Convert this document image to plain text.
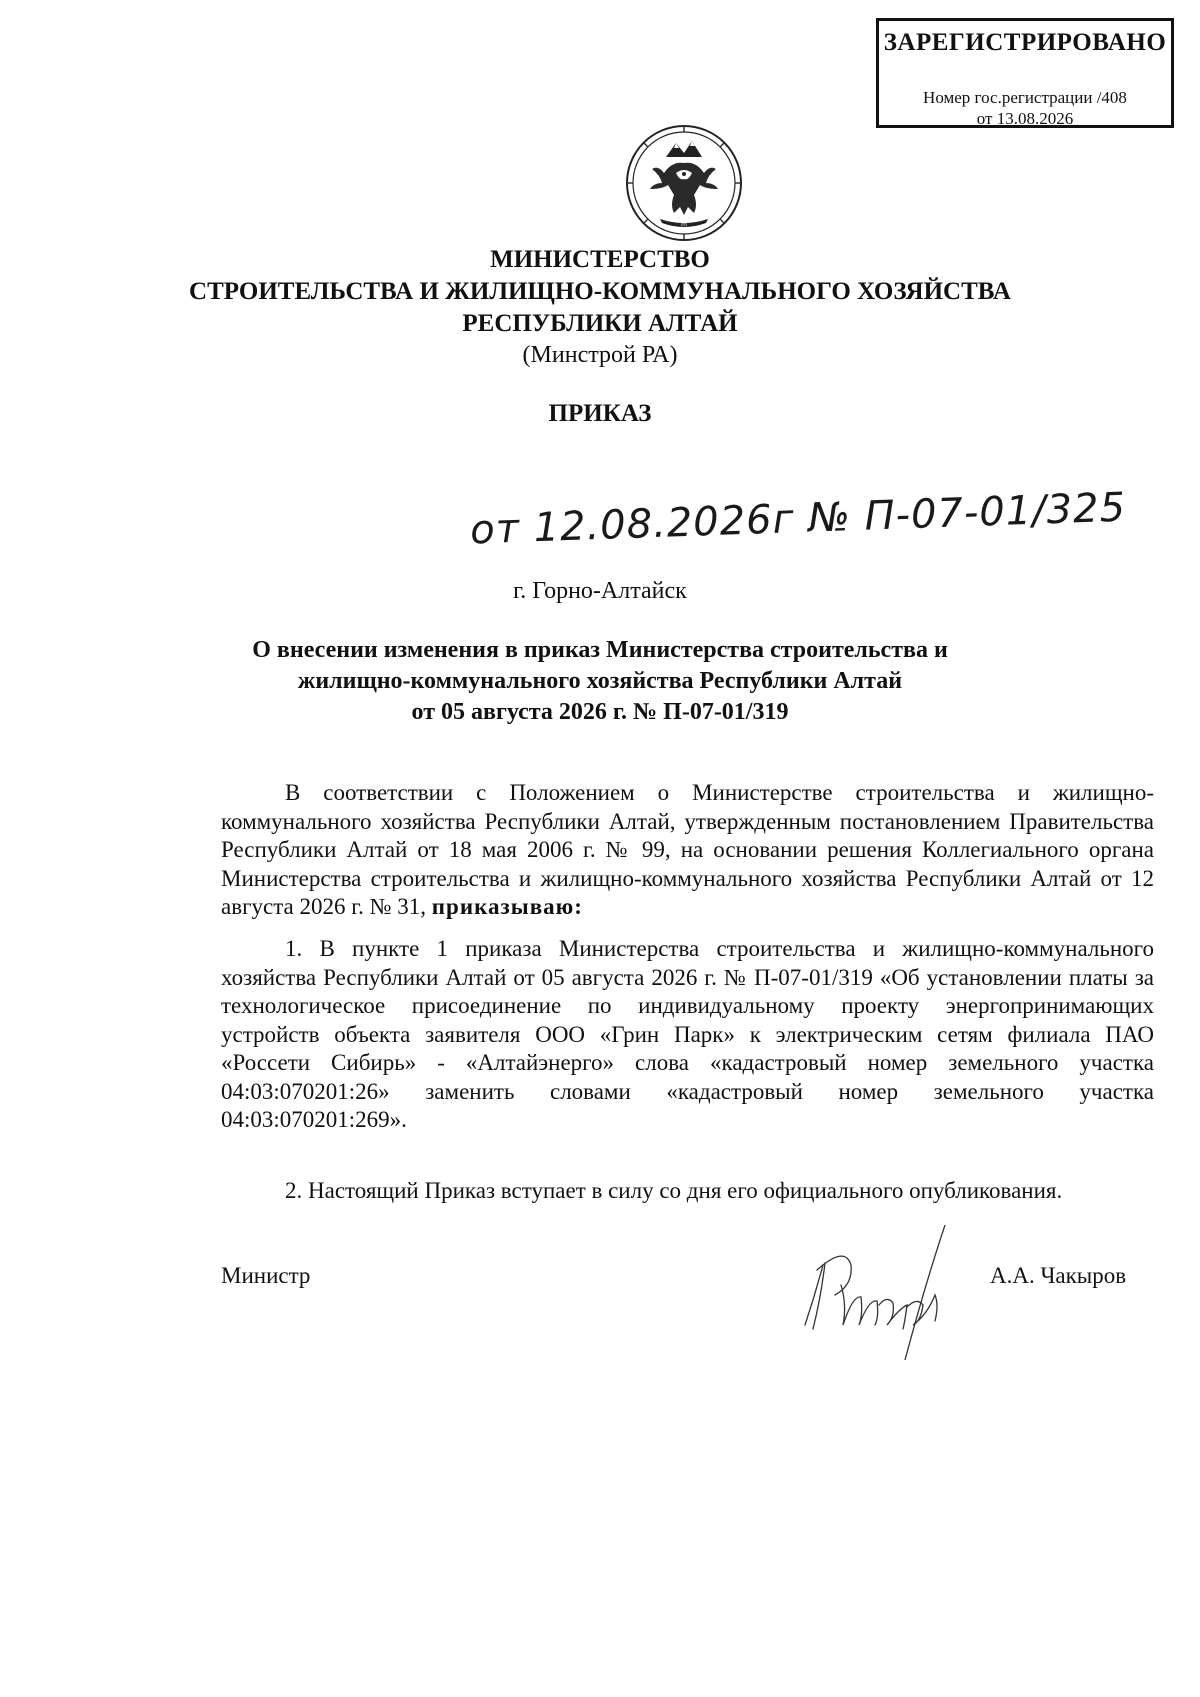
ЗАРЕГИСТРИРОВАНО
Номер гос.регистрации /408
от 13.08.2026
m
МИНИСТЕРСТВО
СТРОИТЕЛЬСТВА И ЖИЛИЩНО-КОММУНАЛЬНОГО ХОЗЯЙСТВА
РЕСПУБЛИКИ АЛТАЙ
(Минстрой РА)
ПРИКАЗ
от 12.08.2026г № П-07-01/325
г. Горно-Алтайск
О внесении изменения в приказ Министерства строительства и
жилищно-коммунального хозяйства Республики Алтай
от 05 августа 2026 г. № П-07-01/319

В соответствии с Положением о Министерстве строительства и жилищно-коммунального хозяйства Республики Алтай, утвержденным постановлением Правительства Республики Алтай от 18 мая 2006 г. № 99, на основании решения Коллегиального органа Министерства строительства и жилищно-коммунального хозяйства Республики Алтай от 12 августа 2026 г. № 31, приказываю:

1. В пункте 1 приказа Министерства строительства и жилищно-коммунального хозяйства Республики Алтай от 05 августа 2026 г. № П-07-01/319 «Об установлении платы за технологическое присоединение по индивидуальному проекту энергопринимающих устройств объекта заявителя ООО «Грин Парк» к электрическим сетям филиала ПАО «Россети Сибирь» - «Алтайэнерго» слова «кадастровый номер земельного участка 04:03:070201:26» заменить словами «кадастровый номер земельного участка 04:03:070201:269».

2. Настоящий Приказ вступает в силу со дня его официального опубликования.

Министр	А.А. Чакыров
